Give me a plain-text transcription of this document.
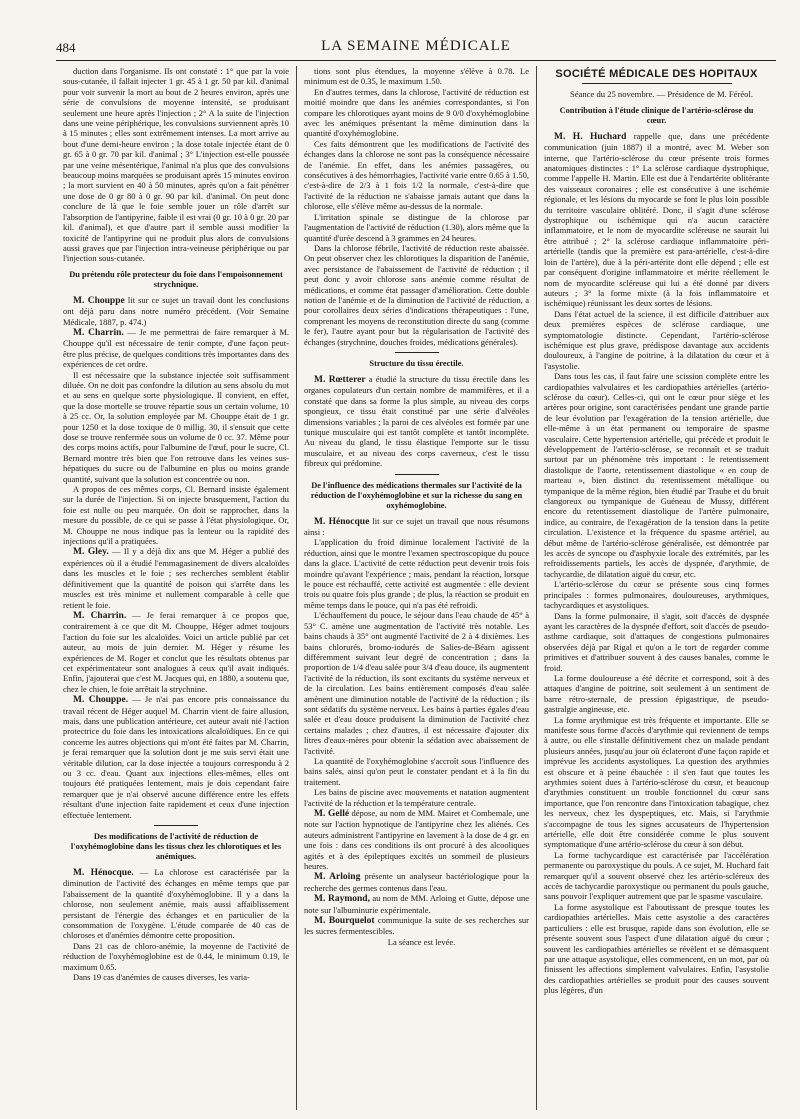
484	LA SEMAINE MÉDICALE

duction dans l'organisme. Ils ont constaté : 1° que par la voie sous-cutanée, il fallait injecter 1 gr. 45 à 1 gr. 50 par kil. d'animal pour voir survenir la mort au bout de 2 heures environ, après une série de convulsions de moyenne intensité, se produisant seulement une heure après l'injection ; 2° A la suite de l'injection dans une veine périphérique, les convulsions surviennent après 10 à 15 minutes ; elles sont extrêmement intenses. La mort arrive au bout d'une demi-heure environ ; la dose totale injectée étant de 0 gr. 65 à 0 gr. 70 par kil. d'animal ; 3° L'injection est-elle poussée par une veine mésentérique, l'animal n'a plus que des convulsions beaucoup moins marquées se produisant après 15 minutes environ ; la mort survient en 40 à 50 minutes, après qu'on a fait pénétrer une dose de 0 gr 80 à 0 gr. 90 par kil. d'animal. On peut donc conclure de là que le foie semble jouer un rôle d'arrêt sur l'absorption de l'antipyrine, faible il est vrai (0 gr. 10 à 0 gr. 20 par kil. d'animal), et que d'autre part il semble aussi modifier la toxicité de l'antipyrine qui ne produit plus alors de convulsions aussi graves que par l'injection intra-veineuse périphérique ou par l'injection sous-cutanée.

Du prétendu rôle protecteur du foie dans l'empoisonnement strychnique.

M. Chouppe lit sur ce sujet un travail dont les conclusions ont déjà paru dans notre numéro précédent. (Voir Semaine Médicale, 1887, p. 474.)

M. Charrin. — Je me permettrai de faire remarquer à M. Chouppe qu'il est nécessaire de tenir compte, d'une façon peut-être plus précise, de quelques conditions très importantes dans des expériences de cet ordre.

Il est nécessaire que la substance injectée soit suffisamment diluée. On ne doit pas confondre la dilution au sens absolu du mot et au sens en quelque sorte physiologique. Il convient, en effet, que la dose mortelle se trouve répartie sous un certain volume, 10 à 25 cc. Or, la solution employée par M. Chouppe était de 1 gr. pour 1250 et la dose toxique de 0 millig. 30, il s'ensuit que cette dose se trouve renfermée sous un volume de 0 cc. 37. Même pour des corps moins actifs, pour l'albumine de l'œuf, pour le sucre, Cl. Bernard montre très bien que l'on retrouve dans les veines sus-hépatiques du sucre ou de l'albumine en plus ou moins grande quantité, suivant que la solution est concentrée ou non.

A propos de ces mêmes corps, Cl. Bernard insiste également sur la durée de l'injection. Si on injecte brusquement, l'action du foie est nulle ou peu marquée. On doit se rapprocher, dans la mesure du possible, de ce qui se passe à l'état physiologique. Or, M. Chouppe ne nous indique pas la lenteur ou la rapidité des injections qu'il a pratiquées.

M. Gley. — Il y a déjà dix ans que M. Héger a publié des expériences où il a étudié l'emmagasinement de divers alcaloïdes dans les muscles et le foie ; ses recherches semblent établir définitivement que la quantité de poison qui s'arrête dans les muscles est très minime et nullement comparable à celle que retient le foie.

M. Charrin. — Je ferai remarquer à ce propos que, contrairement à ce que dit M. Chouppe, Héger admet toujours l'action du foie sur les alcaloïdes. Voici un article publié par cet auteur, au mois de juin dernier. M. Héger y résume les expériences de M. Roger et conclut que les résultats obtenus par cet expérimentateur sont analogues à ceux qu'il avait indiqués. Enfin, j'ajouterai que c'est M. Jacques qui, en 1880, a soutenu que, chez le chien, le foie arrêtait la strychnine.

M. Chouppe. — Je n'ai pas encore pris connaissance du travail récent de Héger auquel M. Charrin vient de faire allusion, mais, dans une publication antérieure, cet auteur avait nié l'action protectrice du foie dans les intoxications alcaloïdiques. En ce qui concerne les autres objections qui m'ont été faites par M. Charrin, je ferai remarquer que la solution dont je me suis servi était une véritable dilution, car la dose injectée a toujours correspondu à 2 ou 3 cc. d'eau. Quant aux injections elles-mêmes, elles ont toujours été pratiquées lentement, mais je dois cependant faire remarquer que je n'ai observé aucune différence entre les effets résultant d'une injection faite rapidement et ceux d'une injection effectuée lentement.

Des modifications de l'activité de réduction de l'oxyhémoglobine dans les tissus chez les chlorotiques et les anémiques.

M. Hénocque. — La chlorose est caractérisée par la diminution de l'activité des échanges en même temps que par l'abaissement de la quantité d'oxyhémoglobine. Il y a dans la chlorose, non seulement anémie, mais aussi affaiblissement persistant de l'énergie des échanges et en particulier de la consommation de l'oxygène. L'étude comparée de 40 cas de chloroses et d'anémies démontre cette proposition.

Dans 21 cas de chloro-anémie, la moyenne de l'activité de réduction de l'oxyhémoglobine est de 0.44, le minimum 0.19, le maximum 0.65.

Dans 19 cas d'anémies de causes diverses, les varia-

tions sont plus étendues, la moyenne s'élève à 0.78. Le minimum est de 0.35, le maximum 1.50.

En d'autres termes, dans la chlorose, l'activité de réduction est moitié moindre que dans les anémies correspondantes, si l'on compare les chlorotiques ayant moins de 9 0/0 d'oxyhémoglobine avec les anémiques présentant la même diminution dans la quantité d'oxyhémoglobine.

Ces faits démontrent que les modifications de l'activité des échanges dans la chlorose ne sont pas la conséquence nécessaire de l'anémie. En effet, dans les anémies passagères, ou consécutives à des hémorrhagies, l'activité varie entre 0.65 à 1.50, c'est-à-dire de 2/3 à 1 fois 1/2 la normale, c'est-à-dire que l'activité de la réduction ne s'abaisse jamais autant que dans la chlorose, elle s'élève même au-dessus de la normale.

L'irritation spinale se distingue de la chlorose par l'augmentation de l'activité de réduction (1.30), alors même que la quantité d'urée descend à 3 grammes en 24 heures.

Dans la chlorose fébrile, l'activité de réduction reste abaissée. On peut observer chez les chlorotiques la disparition de l'anémie, avec persistance de l'abaissement de l'activité de réduction ; il peut donc y avoir chlorose sans anémie comme résultat de médications, et comme état passager d'amélioration. Cette double notion de l'anémie et de la diminution de l'activité de réduction, a pour corollaires deux séries d'indications thérapeutiques : l'une, comprenant les moyens de reconstitution directe du sang (comme le fer), l'autre ayant pour but la régularisation de l'activité des échanges (strychnine, douches froides, médications générales).

Structure du tissu érectile.

M. Rœtterer a étudié la structure du tissu érectile dans les organes copulateurs d'un certain nombre de mammifères, et il a constaté que dans sa forme la plus simple, au niveau des corps spongieux, ce tissu était constitué par une série d'alvéoles dimensions variables ; la paroi de ces alvéoles est formée par une tunique musculaire qui est tantôt complète et tantôt incomplète. Au niveau du gland, le tissu élastique l'emporte sur le tissu musculaire, et au niveau des corps caverneux, c'est le tissu fibreux qui prédomine.

De l'influence des médications thermales sur l'activité de la réduction de l'oxyhémoglobine et sur la richesse du sang en oxyhémoglobine.

M. Hénocque lit sur ce sujet un travail que nous résumons ainsi :

L'application du froid diminue localement l'activité de la réduction, ainsi que le montre l'examen spectroscopique du pouce dans la glace. L'activité de cette réduction peut devenir trois fois moindre qu'avant l'expérience ; mais, pendant la réaction, lorsque le pouce est réchauffé, cette activité est augmentée : elle devient trois ou quatre fois plus grande ; de plus, la réaction se produit en même temps dans le pouce, qui n'a pas été refroidi.

L'échauffement du pouce, le séjour dans l'eau chaude de 45° à 53° C. amène une augmentation de l'activité très notable. Les bains chauds à 35° ont augmenté l'activité de 2 à 4 dixièmes. Les bains chlorurés, bromo-iodurés de Salies-de-Béarn agissent différemment suivant leur degré de concentration ; dans la proportion de 1/4 d'eau salée pour 3/4 d'eau douce, ils augmentent l'activité de la réduction, ils sont excitants du système nerveux et de la circulation. Les bains entièrement composés d'eau salée amènent une diminution notable de l'activité de la réduction ; ils sont sédatifs du système nerveux. Les bains à parties égales d'eau salée et d'eau douce produisent la diminution de l'activité chez certains malades ; chez d'autres, il est nécessaire d'ajouter dix litres d'eaux-mères pour obtenir la sédation avec abaissement de l'activité.

La quantité de l'oxyhémoglobine s'accroît sous l'influence des bains salés, ainsi qu'on peut le constater pendant et à la fin du traitement.

Les bains de piscine avec mouvements et natation augmentent l'activité de la réduction et la température centrale.

M. Gellé dépose, au nom de MM. Mairet et Combemale, une note sur l'action hypnotique de l'antipyrine chez les aliénés. Ces auteurs administrent l'antipyrine en lavement à la dose de 4 gr. en une fois : dans ces conditions ils ont procuré à des alcooliques agités et à des épileptiques excités un sommeil de plusieurs heures.

M. Arloing présente un analyseur bactériologique pour la recherche des germes contenus dans l'eau.

M. Raymond, au nom de MM. Arloing et Gutte, dépose une note sur l'albuminurie expérimentale.

M. Bourquelot communique la suite de ses recherches sur les sucres fermentescibles.

La séance est levée.

SOCIÉTÉ MÉDICALE DES HOPITAUX

Séance du 25 novembre. — Présidence de M. Féréol.

Contribution à l'étude clinique de l'artério-sclérose du cœur.

M. H. Huchard rappelle que, dans une précédente communication (juin 1887) il a montré, avec M. Weber son interne, que l'artério-sclérose du cœur présente trois formes anatomiques distinctes : 1° La sclérose cardiaque dystrophique, comme l'appelle H. Martin. Elle est due à l'endartérite oblitérante des vaisseaux coronaires ; elle est consécutive à une ischémie régionale, et les lésions du myocarde se font le plus loin possible du territoire vasculaire oblitéré. Donc, il s'agit d'une sclérose dystrophique ou ischémique qui n'a aucun caractère inflammatoire, et le nom de myocardite scléreuse ne saurait lui être attribué ; 2° la sclérose cardiaque inflammatoire péri-artérielle (tandis que la première est para-artérielle, c'est-à-dire loin de l'artère), due à la péri-artérite dont elle dépend ; elle est par conséquent d'origine inflammatoire et mérite réellement le nom de myocardite scléreuse qui lui a été donné par divers auteurs ; 3° la forme mixte (à la fois inflammatoire et ischémique) réunissant les deux sortes de lésions.

Dans l'état actuel de la science, il est difficile d'attribuer aux deux premières espèces de sclérose cardiaque, une symptomatologie distincte. Cependant, l'artério-sclérose ischémique est plus grave, prédispose davantage aux accidents douloureux, à l'angine de poitrine, à la dilatation du cœur et à l'asystolie.

Dans tous les cas, il faut faire une scission complète entre les cardiopathies valvulaires et les cardiopathies artérielles (artério-sclérose du cœur). Celles-ci, qui ont le cœur pour siège et les artères pour origine, sont caractérisées pendant une grande partie de leur évolution par l'exagération de la tension artérielle, due elle-même à un état permanent ou temporaire de spasme vasculaire. Cette hypertension artérielle, qui précède et produit le développement de l'artério-sclérose, se reconnaît et se traduit surtout par un phénomène très important : le retentissement diastolique de l'aorte, retentissement diastolique « en coup de marteau », bien distinct du retentissement métallique ou tympanique de la même région, bien étudié par Traube et du bruit clangoreux ou tympanique de Guéneau de Mussy, différent encore du retentissement diastolique de l'artère pulmonaire, indice, au contraire, de l'exagération de la tension dans la petite circulation. L'existence et la fréquence du spasme artériel, au début même de l'artério-sclérose généralisée, est démontrée par les accès de syncope ou d'asphyxie locale des extrémités, par les refroidissements partiels, les accès de dyspnée, d'arythmie, de tachycardie, de dilatation aiguë du cœur, etc.

L'artério-sclérose du cœur se présente sous cinq formes principales : formes pulmonaires, douloureuses, arythmiques, tachycardiques et asystoliques.

Dans la forme pulmonaire, il s'agit, soit d'accès de dyspnée ayant les caractères de la dyspnée d'effort, soit d'accès de pseudo-asthme cardiaque, soit d'attaques de congestions pulmonaires observées déjà par Rigal et qu'on a le tort de regarder comme primitives et d'attribuer souvent à des causes banales, comme le froid.

La forme douloureuse a été décrite et correspond, soit à des attaques d'angine de poitrine, soit seulement à un sentiment de barre rétro-sternale, de pression épigastrique, de pseudo-gastralgie angineuse, etc.

La forme arythmique est très fréquente et importante. Elle se manifeste sous forme d'accès d'arythmie qui reviennent de temps à autre, ou elle s'installe définitivement chez un malade pendant plusieurs années, jusqu'au jour où éclateront d'une façon rapide et imprévue les accidents asystoliques. La question des arythmies est obscure et à peine ébauchée : il s'en faut que toutes les arythmies soient dues à l'artério-sclérose du cœur, et beaucoup d'arythmies constituent un trouble fonctionnel du cœur sans importance, que l'on rencontre dans l'intoxication tabagique, chez les nerveux, chez les dyspeptiques, etc. Mais, si l'arythmie s'accompagne de tous les signes accusateurs de l'hypertension artérielle, elle doit être considérée comme le plus souvent symptomatique d'une artério-sclérose du cœur à son début.

La forme tachycardique est caractérisée par l'accélération permanente ou paroxystique du pouls. A ce sujet, M. Huchard fait remarquer qu'il a souvent observé chez les artério-scléreux des accès de tachycardie paroxystique ou permanent du pouls gauche, sans pouvoir l'expliquer autrement que par le spasme vasculaire.

La forme asystolique est l'aboutissant de presque toutes les cardiopathies artérielles. Mais cette asystolie a des caractères particuliers : elle est brusque, rapide dans son évolution, elle se présente souvent sous l'aspect d'une dilatation aiguë du cœur ; souvent les cardiopathies artérielles se révèlent et se démasquent par une attaque asystolique, elles commencent, en un mot, par où finissent les affections simplement valvulaires. Enfin, l'asystolie des cardiopathies artérielles se produit pour des causes souvent plus légères, d'un
